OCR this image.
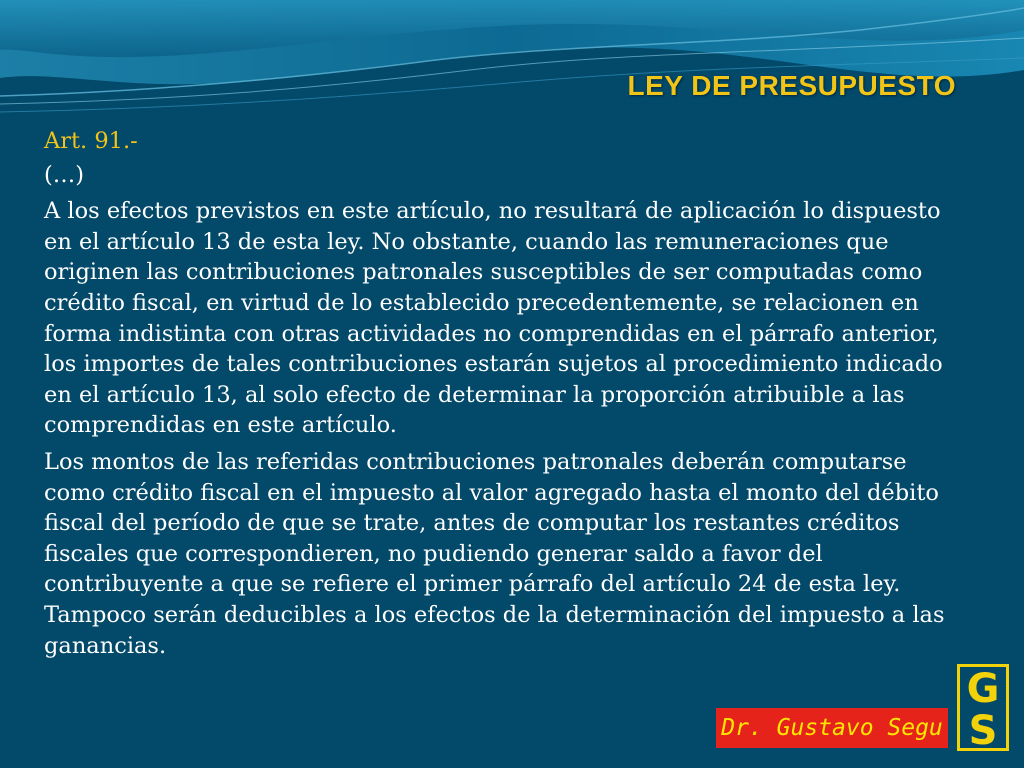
LEY DE PRESUPUESTO

Art. 91.-

(…)

A los efectos previstos en este artículo, no resultará de aplicación lo dispuesto en el artículo 13 de esta ley. No obstante, cuando las remuneraciones que originen las contribuciones patronales susceptibles de ser computadas como crédito fiscal, en virtud de lo establecido precedentemente, se relacionen en forma indistinta con otras actividades no comprendidas en el párrafo anterior, los importes de tales contribuciones estarán sujetos al procedimiento indicado en el artículo 13, al solo efecto de determinar la proporción atribuible a las comprendidas en este artículo.

Los montos de las referidas contribuciones patronales deberán computarse como crédito fiscal en el impuesto al valor agregado hasta el monto del débito fiscal del período de que se trate, antes de computar los restantes créditos fiscales que correspondieren, no pudiendo generar saldo a favor del contribuyente a que se refiere el primer párrafo del artículo 24 de esta ley. Tampoco serán deducibles a los efectos de la determinación del impuesto a las ganancias.

Dr. Gustavo Segu
G
S
